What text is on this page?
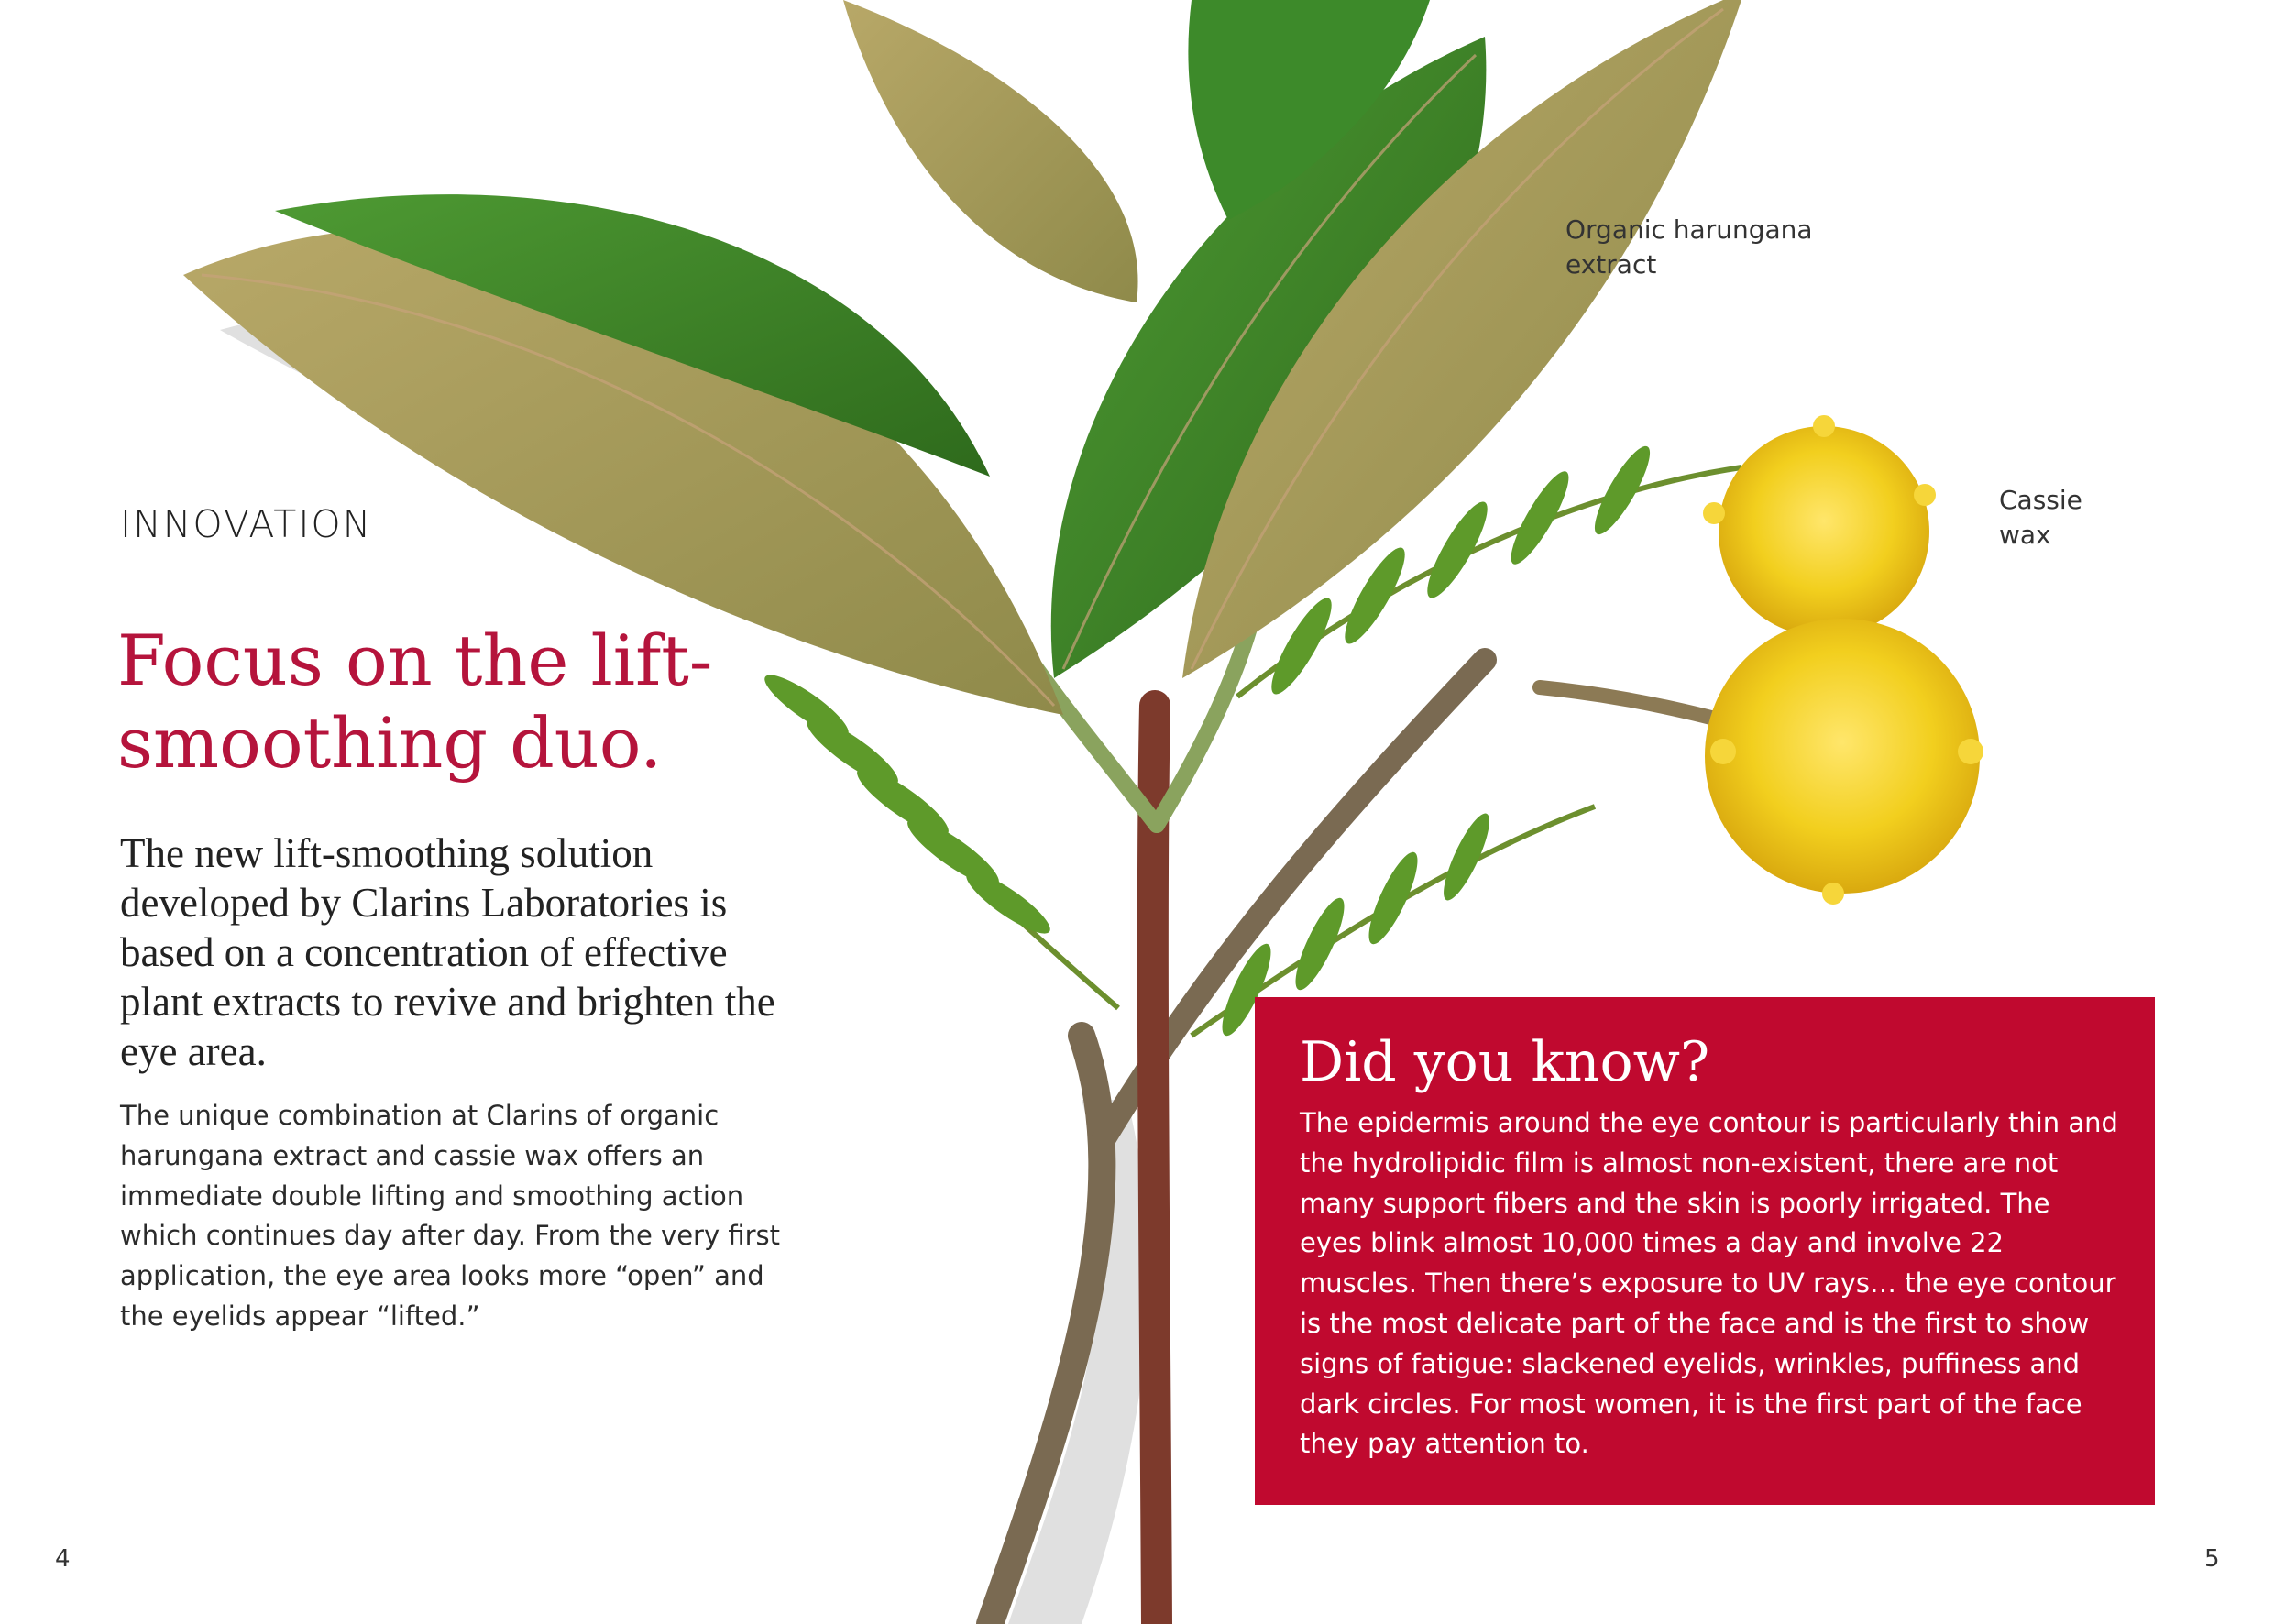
INNOVATION

Focus on the lift-smoothing duo.

The new lift-smoothing solution developed by Clarins Laboratories is based on a concentration of effective plant extracts to revive and brighten the eye area.

The unique combination at Clarins of organic harungana extract and cassie wax offers an immediate double lifting and smoothing action which continues day after day. From the very first application, the eye area looks more “open” and the eyelids appear “lifted.”

Organic harungana extract

Cassie wax

Did you know?

The epidermis around the eye contour is particularly thin and the hydrolipidic film is almost non-existent, there are not many support fibers and the skin is poorly irrigated. The eyes blink almost 10,000 times a day and involve 22 muscles. Then there’s exposure to UV rays… the eye contour is the most delicate part of the face and is the first to show signs of fatigue: slackened eyelids, wrinkles, puffiness and dark circles. For most women, it is the first part of the face they pay attention to.

4	5
